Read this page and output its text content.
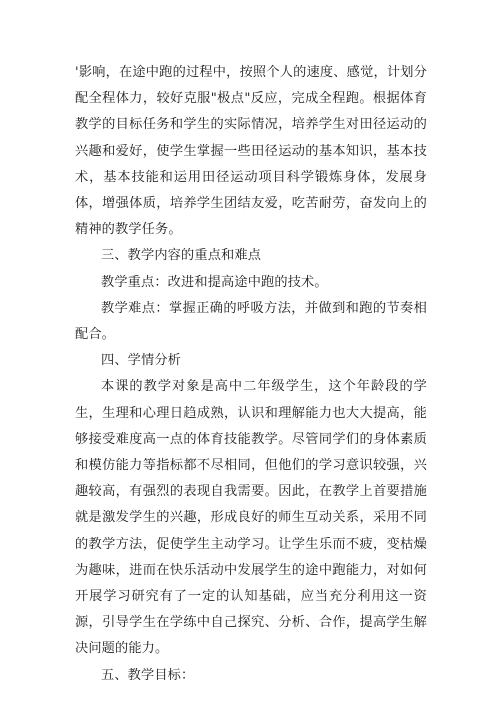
'影响，在途中跑的过程中，按照个人的速度、感觉，计划分配全程体力，较好克服"极点"反应，完成全程跑。根据体育教学的目标任务和学生的实际情况，培养学生对田径运动的兴趣和爱好，使学生掌握一些田径运动的基本知识，基本技术，基本技能和运用田径运动项目科学锻炼身体，发展身体，增强体质，培养学生团结友爱，吃苦耐劳，奋发向上的精神的教学任务。

三、教学内容的重点和难点

教学重点：改进和提高途中跑的技术。

教学难点：掌握正确的呼吸方法，并做到和跑的节奏相配合。

四、学情分析

本课的教学对象是高中二年级学生，这个年龄段的学生，生理和心理日趋成熟，认识和理解能力也大大提高，能够接受难度高一点的体育技能教学。尽管同学们的身体素质和模仿能力等指标都不尽相同，但他们的学习意识较强，兴趣较高，有强烈的表现自我需要。因此，在教学上首要措施就是激发学生的兴趣，形成良好的师生互动关系，采用不同的教学方法，促使学生主动学习。让学生乐而不疲，变枯燥为趣味，进而在快乐活动中发展学生的途中跑能力，对如何开展学习研究有了一定的认知基础，应当充分利用这一资源，引导学生在学练中自己探究、分析、合作，提高学生解决问题的能力。

五、教学目标：
